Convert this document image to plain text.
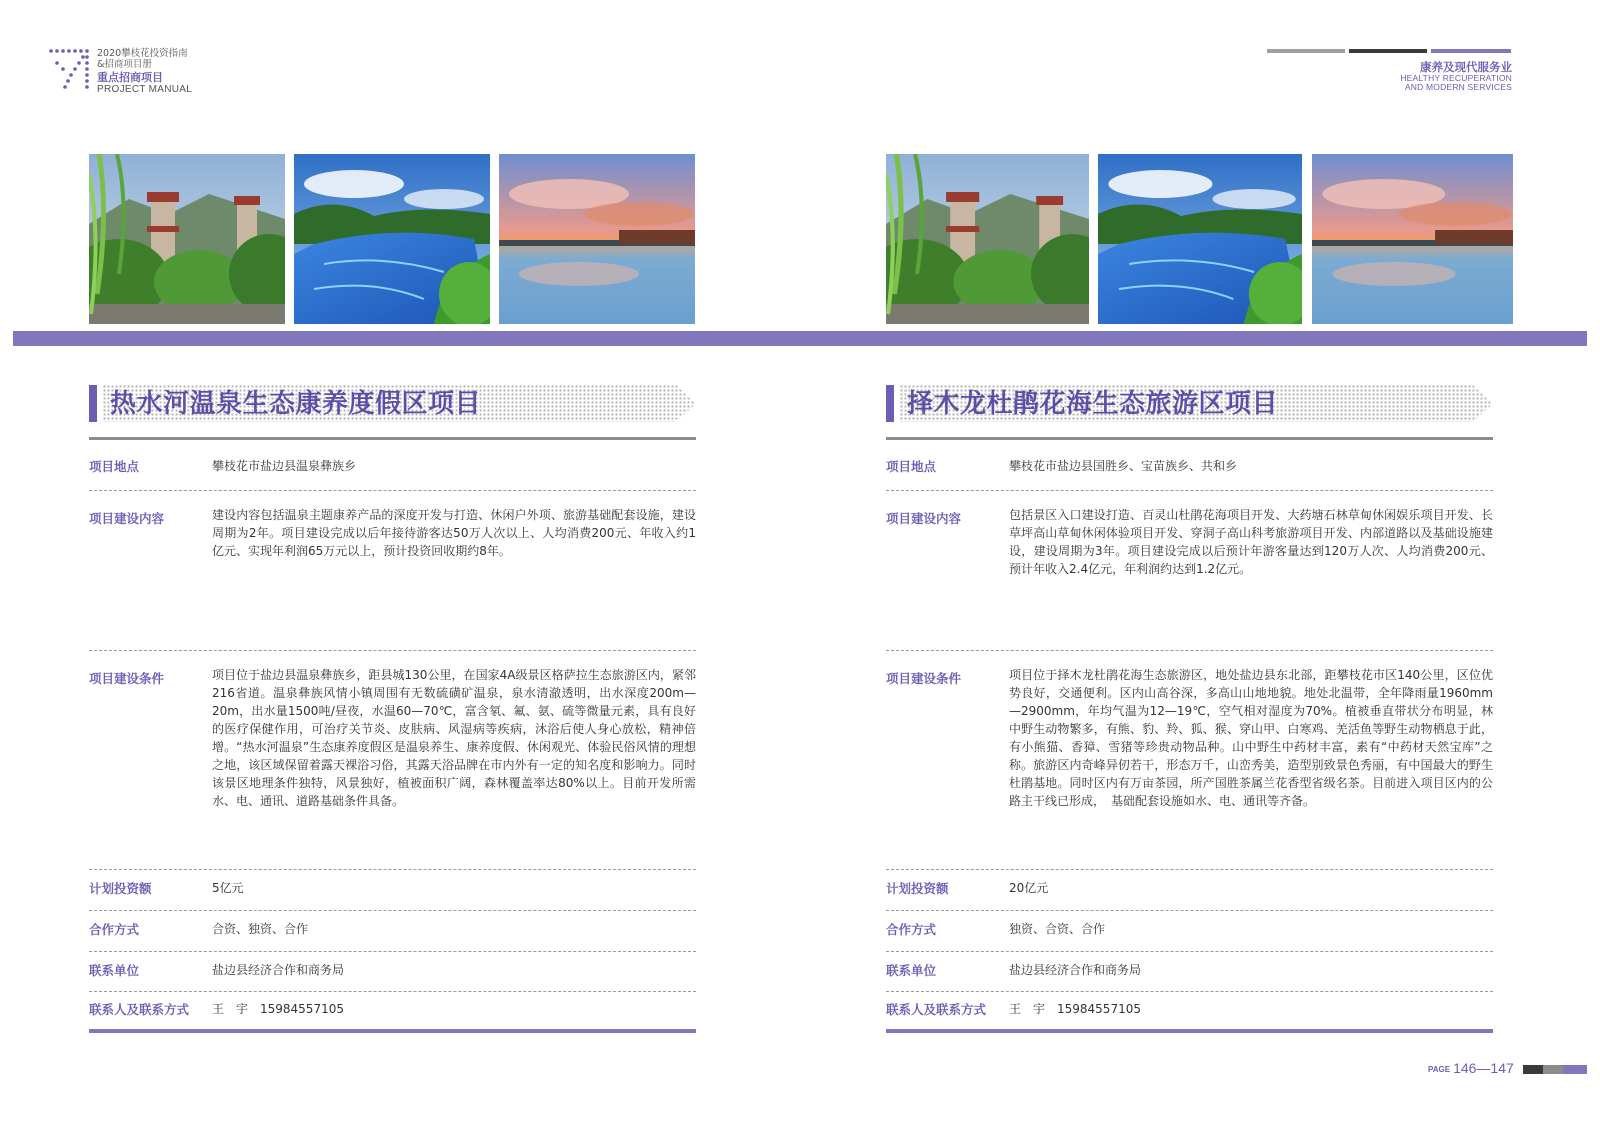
2020攀枝花投资指南
&招商项目册
重点招商项目
PROJECT MANUAL
康养及现代服务业
HEALTHY RECUPERATION
AND MODERN SERVICES
热水河温泉生态康养度假区项目
项目地点	攀枝花市盐边县温泉彝族乡
项目建设内容	建设内容包括温泉主题康养产品的深度开发与打造、休闲户外项、旅游基础配套设施，建设周期为2年。项目建设完成以后年接待游客达50万人次以上、人均消费200元、年收入约1亿元、实现年利润65万元以上，预计投资回收期约8年。
项目建设条件	项目位于盐边县温泉彝族乡，距县城130公里，在国家4A级景区格萨拉生态旅游区内，紧邻216省道。温泉彝族风情小镇周围有无数硫磺矿温泉，泉水清澈透明，出水深度200m—20m，出水量1500吨/昼夜，水温60—70℃，富含氡、氟、氨、硫等微量元素，具有良好的医疗保健作用，可治疗关节炎、皮肤病、风湿病等疾病，沐浴后使人身心放松，精神倍增。“热水河温泉”生态康养度假区是温泉养生、康养度假、休闲观光、体验民俗风情的理想之地，该区域保留着露天裸浴习俗，其露天浴品牌在市内外有一定的知名度和影响力。同时该景区地理条件独特，风景独好，植被面积广阔，森林覆盖率达80%以上。目前开发所需水、电、通讯、道路基础条件具备。
计划投资额	5亿元
合作方式	合资、独资、合作
联系单位	盐边县经济合作和商务局
联系人及联系方式 王　宇　15984557105
择木龙杜鹃花海生态旅游区项目
项目地点	攀枝花市盐边县国胜乡、宝苗族乡、共和乡
项目建设内容	包括景区入口建设打造、百灵山杜鹃花海项目开发、大药塘石林草甸休闲娱乐项目开发、长草坪高山草甸休闲体验项目开发、穿洞子高山科考旅游项目开发、内部道路以及基础设施建设，建设周期为3年。项目建设完成以后预计年游客量达到120万人次、人均消费200元、预计年收入2.4亿元，年利润约达到1.2亿元。
项目建设条件	项目位于择木龙杜鹃花海生态旅游区，地处盐边县东北部，距攀枝花市区140公里，区位优势良好，交通便利。区内山高谷深，多高山山地地貌。地处北温带，全年降雨量1960mm—2900mm，年均气温为12—19℃，空气相对湿度为70%。植被垂直带状分布明显，林中野生动物繁多，有熊、豹、羚、狐、猴、穿山甲、白寒鸡、羌活鱼等野生动物栖息于此，有小熊猫、香獐、雪猪等珍贵动物品种。山中野生中药材丰富，素有“中药材天然宝库”之称。旅游区内奇峰异仞若干，形态万千，山峦秀美，造型别致景色秀丽，有中国最大的野生杜鹃基地。同时区内有万亩茶园，所产国胜茶属兰花香型省级名茶。目前进入项目区内的公路主干线已形成，　基础配套设施如水、电、通讯等齐备。
计划投资额	20亿元
合作方式	独资、合资、合作
联系单位	盐边县经济合作和商务局
联系人及联系方式 王　宇　15984557105
PAGE 146—147
